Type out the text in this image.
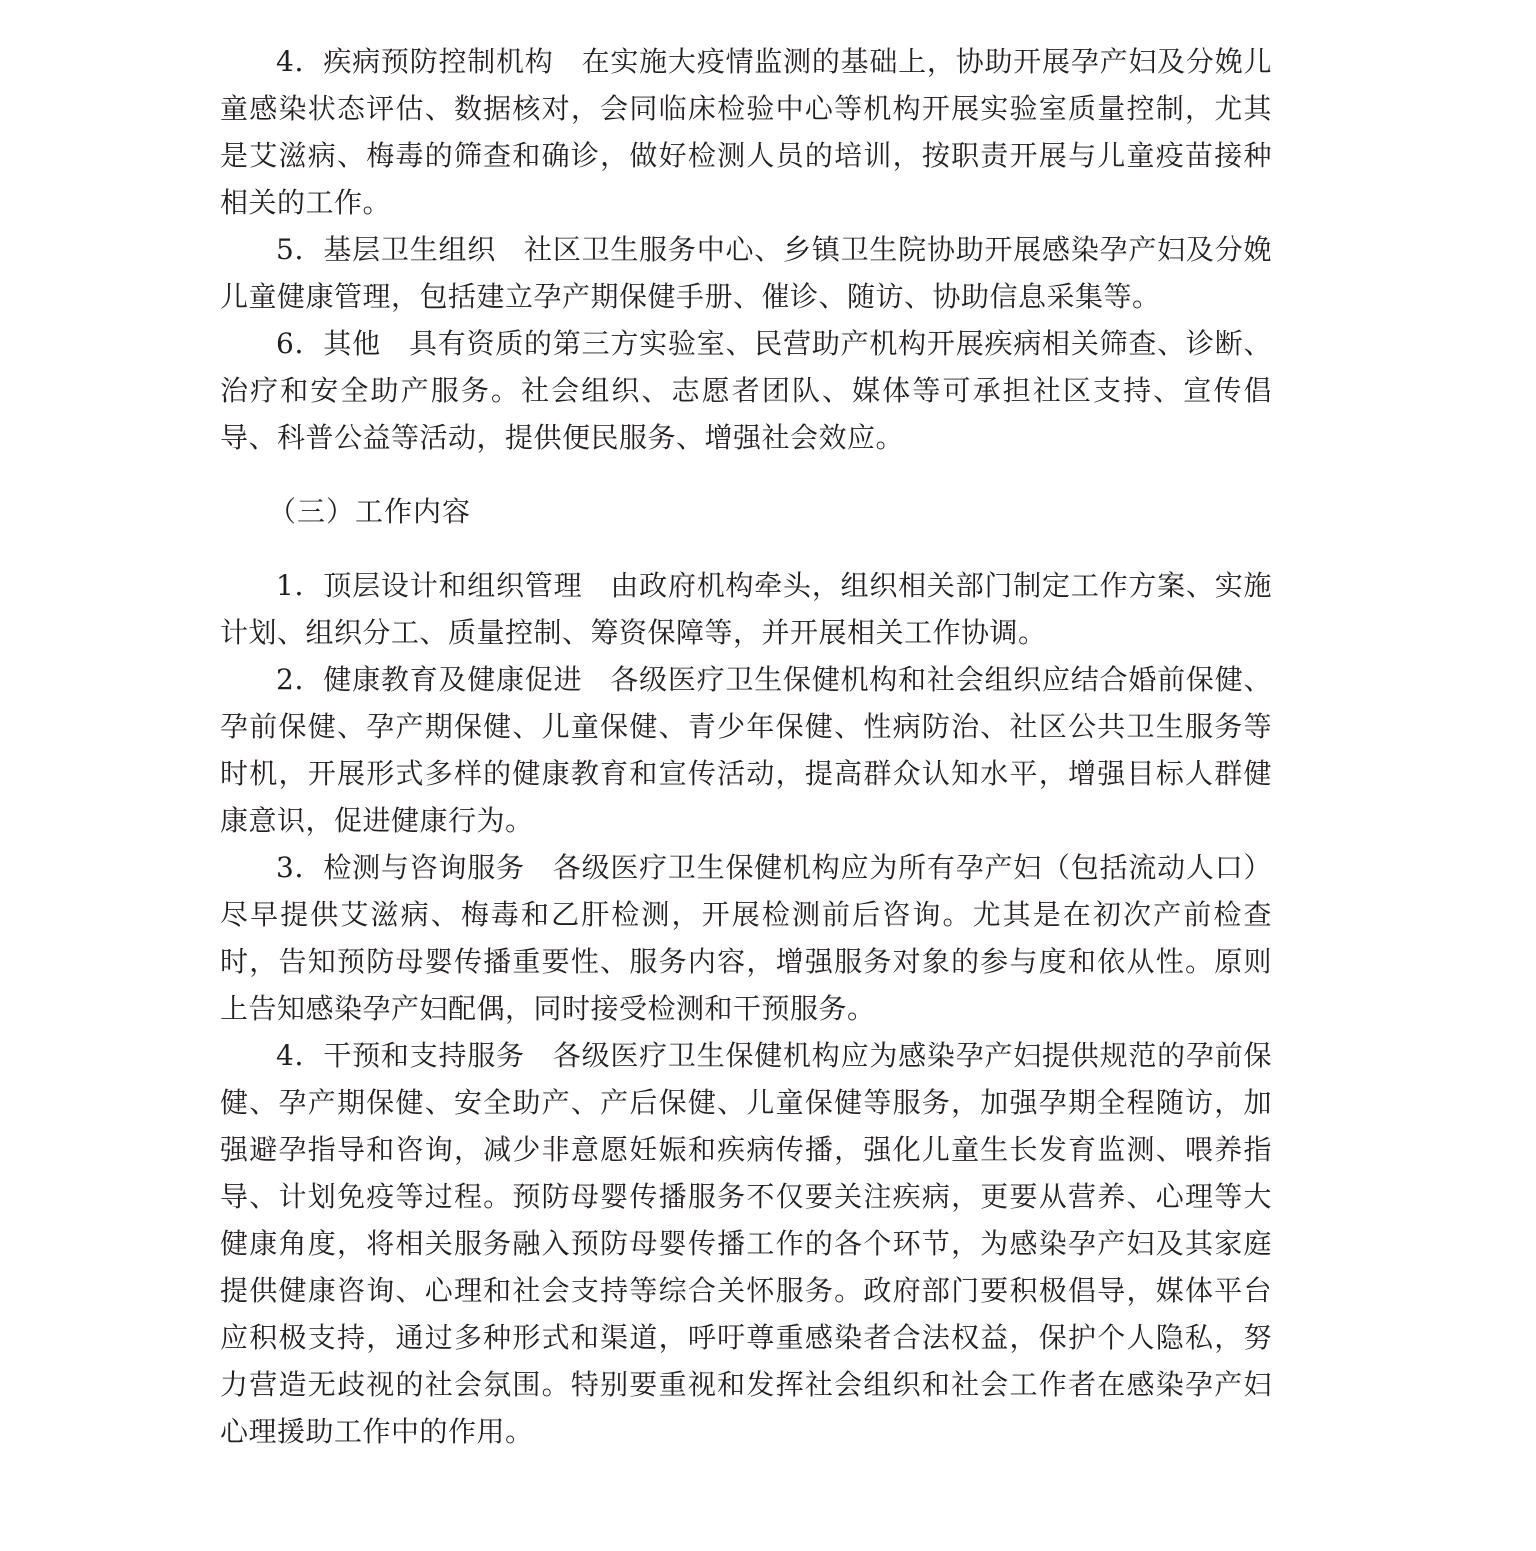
4．疾病预防控制机构 在实施大疫情监测的基础上，协助开展孕产妇及分娩儿童感染状态评估、数据核对，会同临床检验中心等机构开展实验室质量控制，尤其是艾滋病、梅毒的筛查和确诊，做好检测人员的培训，按职责开展与儿童疫苗接种相关的工作。

5．基层卫生组织 社区卫生服务中心、乡镇卫生院协助开展感染孕产妇及分娩儿童健康管理，包括建立孕产期保健手册、催诊、随访、协助信息采集等。

6．其他 具有资质的第三方实验室、民营助产机构开展疾病相关筛查、诊断、治疗和安全助产服务。社会组织、志愿者团队、媒体等可承担社区支持、宣传倡导、科普公益等活动，提供便民服务、增强社会效应。

（三）工作内容

1．顶层设计和组织管理 由政府机构牵头，组织相关部门制定工作方案、实施计划、组织分工、质量控制、筹资保障等，并开展相关工作协调。

2．健康教育及健康促进 各级医疗卫生保健机构和社会组织应结合婚前保健、孕前保健、孕产期保健、儿童保健、青少年保健、性病防治、社区公共卫生服务等时机，开展形式多样的健康教育和宣传活动，提高群众认知水平，增强目标人群健康意识，促进健康行为。

3．检测与咨询服务 各级医疗卫生保健机构应为所有孕产妇（包括流动人口）尽早提供艾滋病、梅毒和乙肝检测，开展检测前后咨询。尤其是在初次产前检查时，告知预防母婴传播重要性、服务内容，增强服务对象的参与度和依从性。原则上告知感染孕产妇配偶，同时接受检测和干预服务。

4．干预和支持服务 各级医疗卫生保健机构应为感染孕产妇提供规范的孕前保健、孕产期保健、安全助产、产后保健、儿童保健等服务，加强孕期全程随访，加强避孕指导和咨询，减少非意愿妊娠和疾病传播，强化儿童生长发育监测、喂养指导、计划免疫等过程。预防母婴传播服务不仅要关注疾病，更要从营养、心理等大健康角度，将相关服务融入预防母婴传播工作的各个环节，为感染孕产妇及其家庭提供健康咨询、心理和社会支持等综合关怀服务。政府部门要积极倡导，媒体平台应积极支持，通过多种形式和渠道，呼吁尊重感染者合法权益，保护个人隐私，努力营造无歧视的社会氛围。特别要重视和发挥社会组织和社会工作者在感染孕产妇心理援助工作中的作用。
